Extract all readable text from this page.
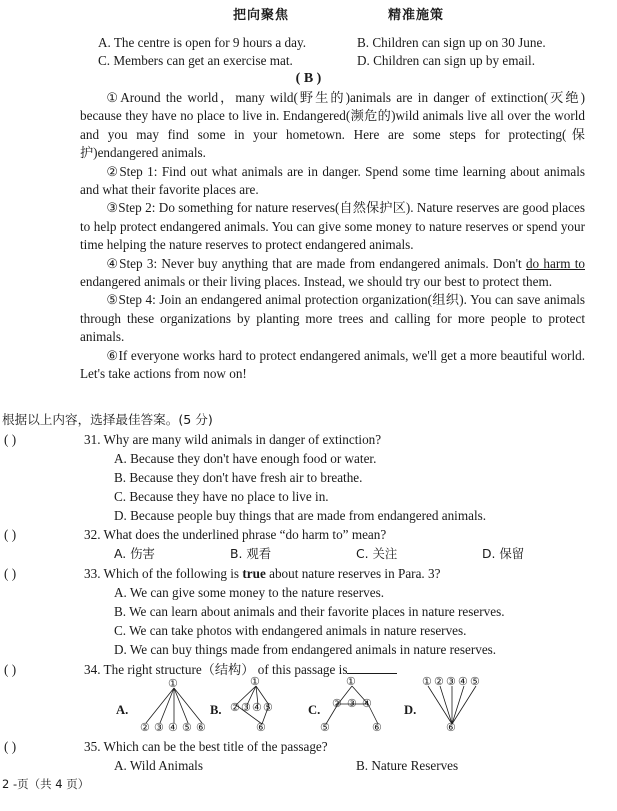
把向聚焦	精准施策
A. The centre is open for 9 hours a day.	B. Children can sign up on 30 June.
C. Members can get an exercise mat.	D. Children can sign up by email.
( B )

①Around the world，many wild(野生的)animals are in danger of extinction(灭绝) because they have no place to live in. Endangered(濒危的)wild animals live all over the world and you may find some in your hometown. Here are some steps for protecting(保护)endangered animals.

②Step 1: Find out what animals are in danger. Spend some time learning about animals and what their favorite places are.

③Step 2: Do something for nature reserves(自然保护区). Nature reserves are good places to help protect endangered animals. You can give some money to nature reserves or spend your time helping the nature reserves to protect endangered animals.

④Step 3: Never buy anything that are made from endangered animals. Don't do harm to endangered animals or their living places. Instead, we should try our best to protect them.

⑤Step 4: Join an endangered animal protection organization(组织). You can save animals through these organizations by planting more trees and calling for more people to protect animals.

⑥If everyone works hard to protect endangered animals, we'll get a more beautiful world. Let's take actions from now on!

根据以上内容，选择最佳答案。(5 分)
( )	31. Why are many wild animals in danger of extinction?
A. Because they don't have enough food or water.
B. Because they don't have fresh air to breathe.
C. Because they have no place to live in.
D. Because people buy things that are made from endangered animals.
( )	32. What does the underlined phrase “do harm to” mean?
A. 伤害	B. 观看	C. 关注	D. 保留
( )	33. Which of the following is true about nature reserves in Para. 3?
A. We can give some money to the nature reserves.
B. We can learn about animals and their favorite places in nature reserves.
C. We can take photos with endangered animals in nature reserves.
D. We can buy things made from endangered animals in nature reserves.
( )	34. The right structure（结构） of this passage is
A.	B.	C.	D.
①
② ③ ④ ⑤ ⑥
①
② ③ ④ ⑤
⑥
①
② ③ ④
⑤	⑥
① ② ③ ④ ⑤
⑥
( )	35. Which can be the best title of the passage?
A. Wild Animals	B. Nature Reserves
2 -页（共 4 页）
